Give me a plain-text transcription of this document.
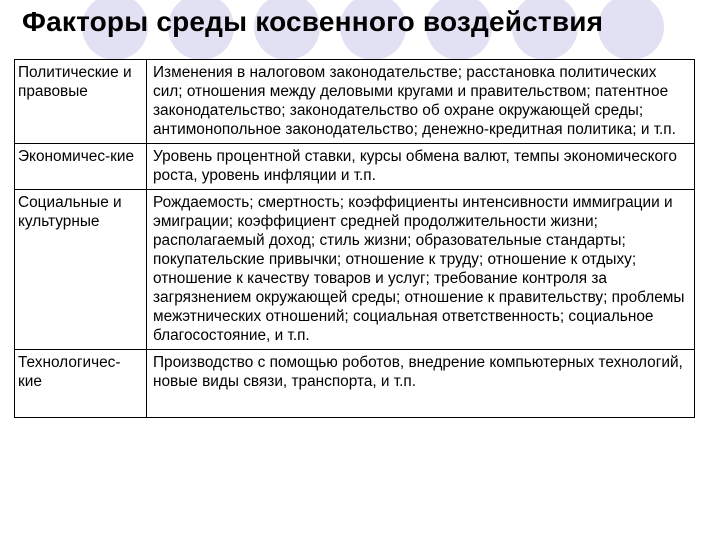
Факторы среды косвенного воздействия
Политические и правовые	Изменения в налоговом законодательстве; расстановка политических сил; отношения между деловыми кругами и правительством; патентное законодательство; законодательство об охране окружающей среды; антимонопольное законодательство; денежно-кредитная политика; и т.п.
Экономичес-кие	Уровень процентной ставки, курсы обмена валют, темпы экономического роста, уровень инфляции и т.п.
Социальные и культурные	Рождаемость; смертность; коэффициенты интенсивности иммиграции и эмиграции; коэффициент средней продолжительности жизни; располагаемый доход; стиль жизни; образовательные стандарты; покупательские привычки; отношение к труду; отношение к отдыху; отношение к качеству товаров и услуг; требование контроля за загрязнением окружающей среды; отношение к правительству; проблемы межэтнических отношений; социальная ответственность; социальное благосостояние, и т.п.
Технологичес-кие	Производство с помощью роботов, внедрение компьютерных технологий, новые виды связи, транспорта, и т.п.
